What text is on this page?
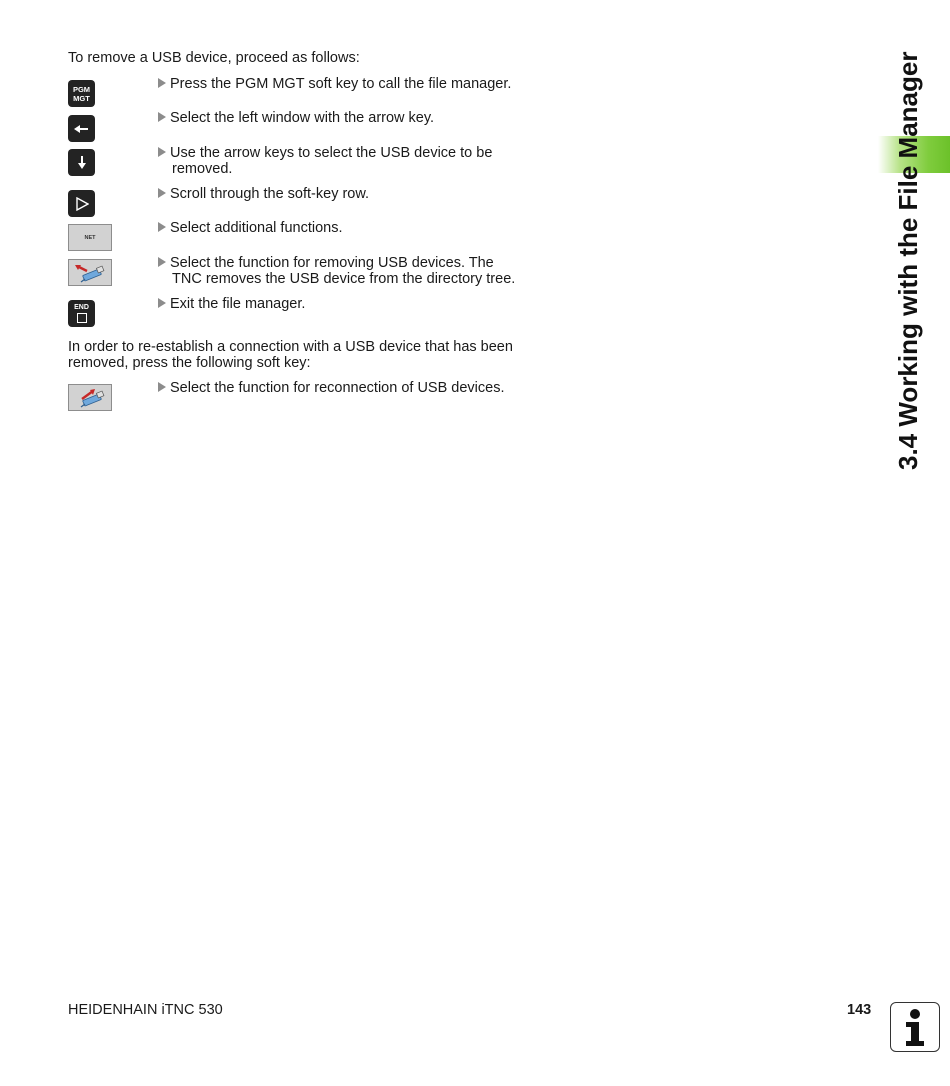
To remove a USB device, proceed as follows:
PGM
MGT
Press the PGM MGT soft key to call the file manager.
Select the left window with the arrow key.
Use the arrow keys to select the USB device to be
removed.
Scroll through the soft-key row.
NET
Select additional functions.
Select the function for removing USB devices. The
TNC removes the USB device from the directory tree.
END	Exit the file manager.
In order to re-establish a connection with a USB device that has been
removed, press the following soft key:
Select the function for reconnection of USB devices.	3.4 Working with the File Manager
HEIDENHAIN iTNC 530	143
